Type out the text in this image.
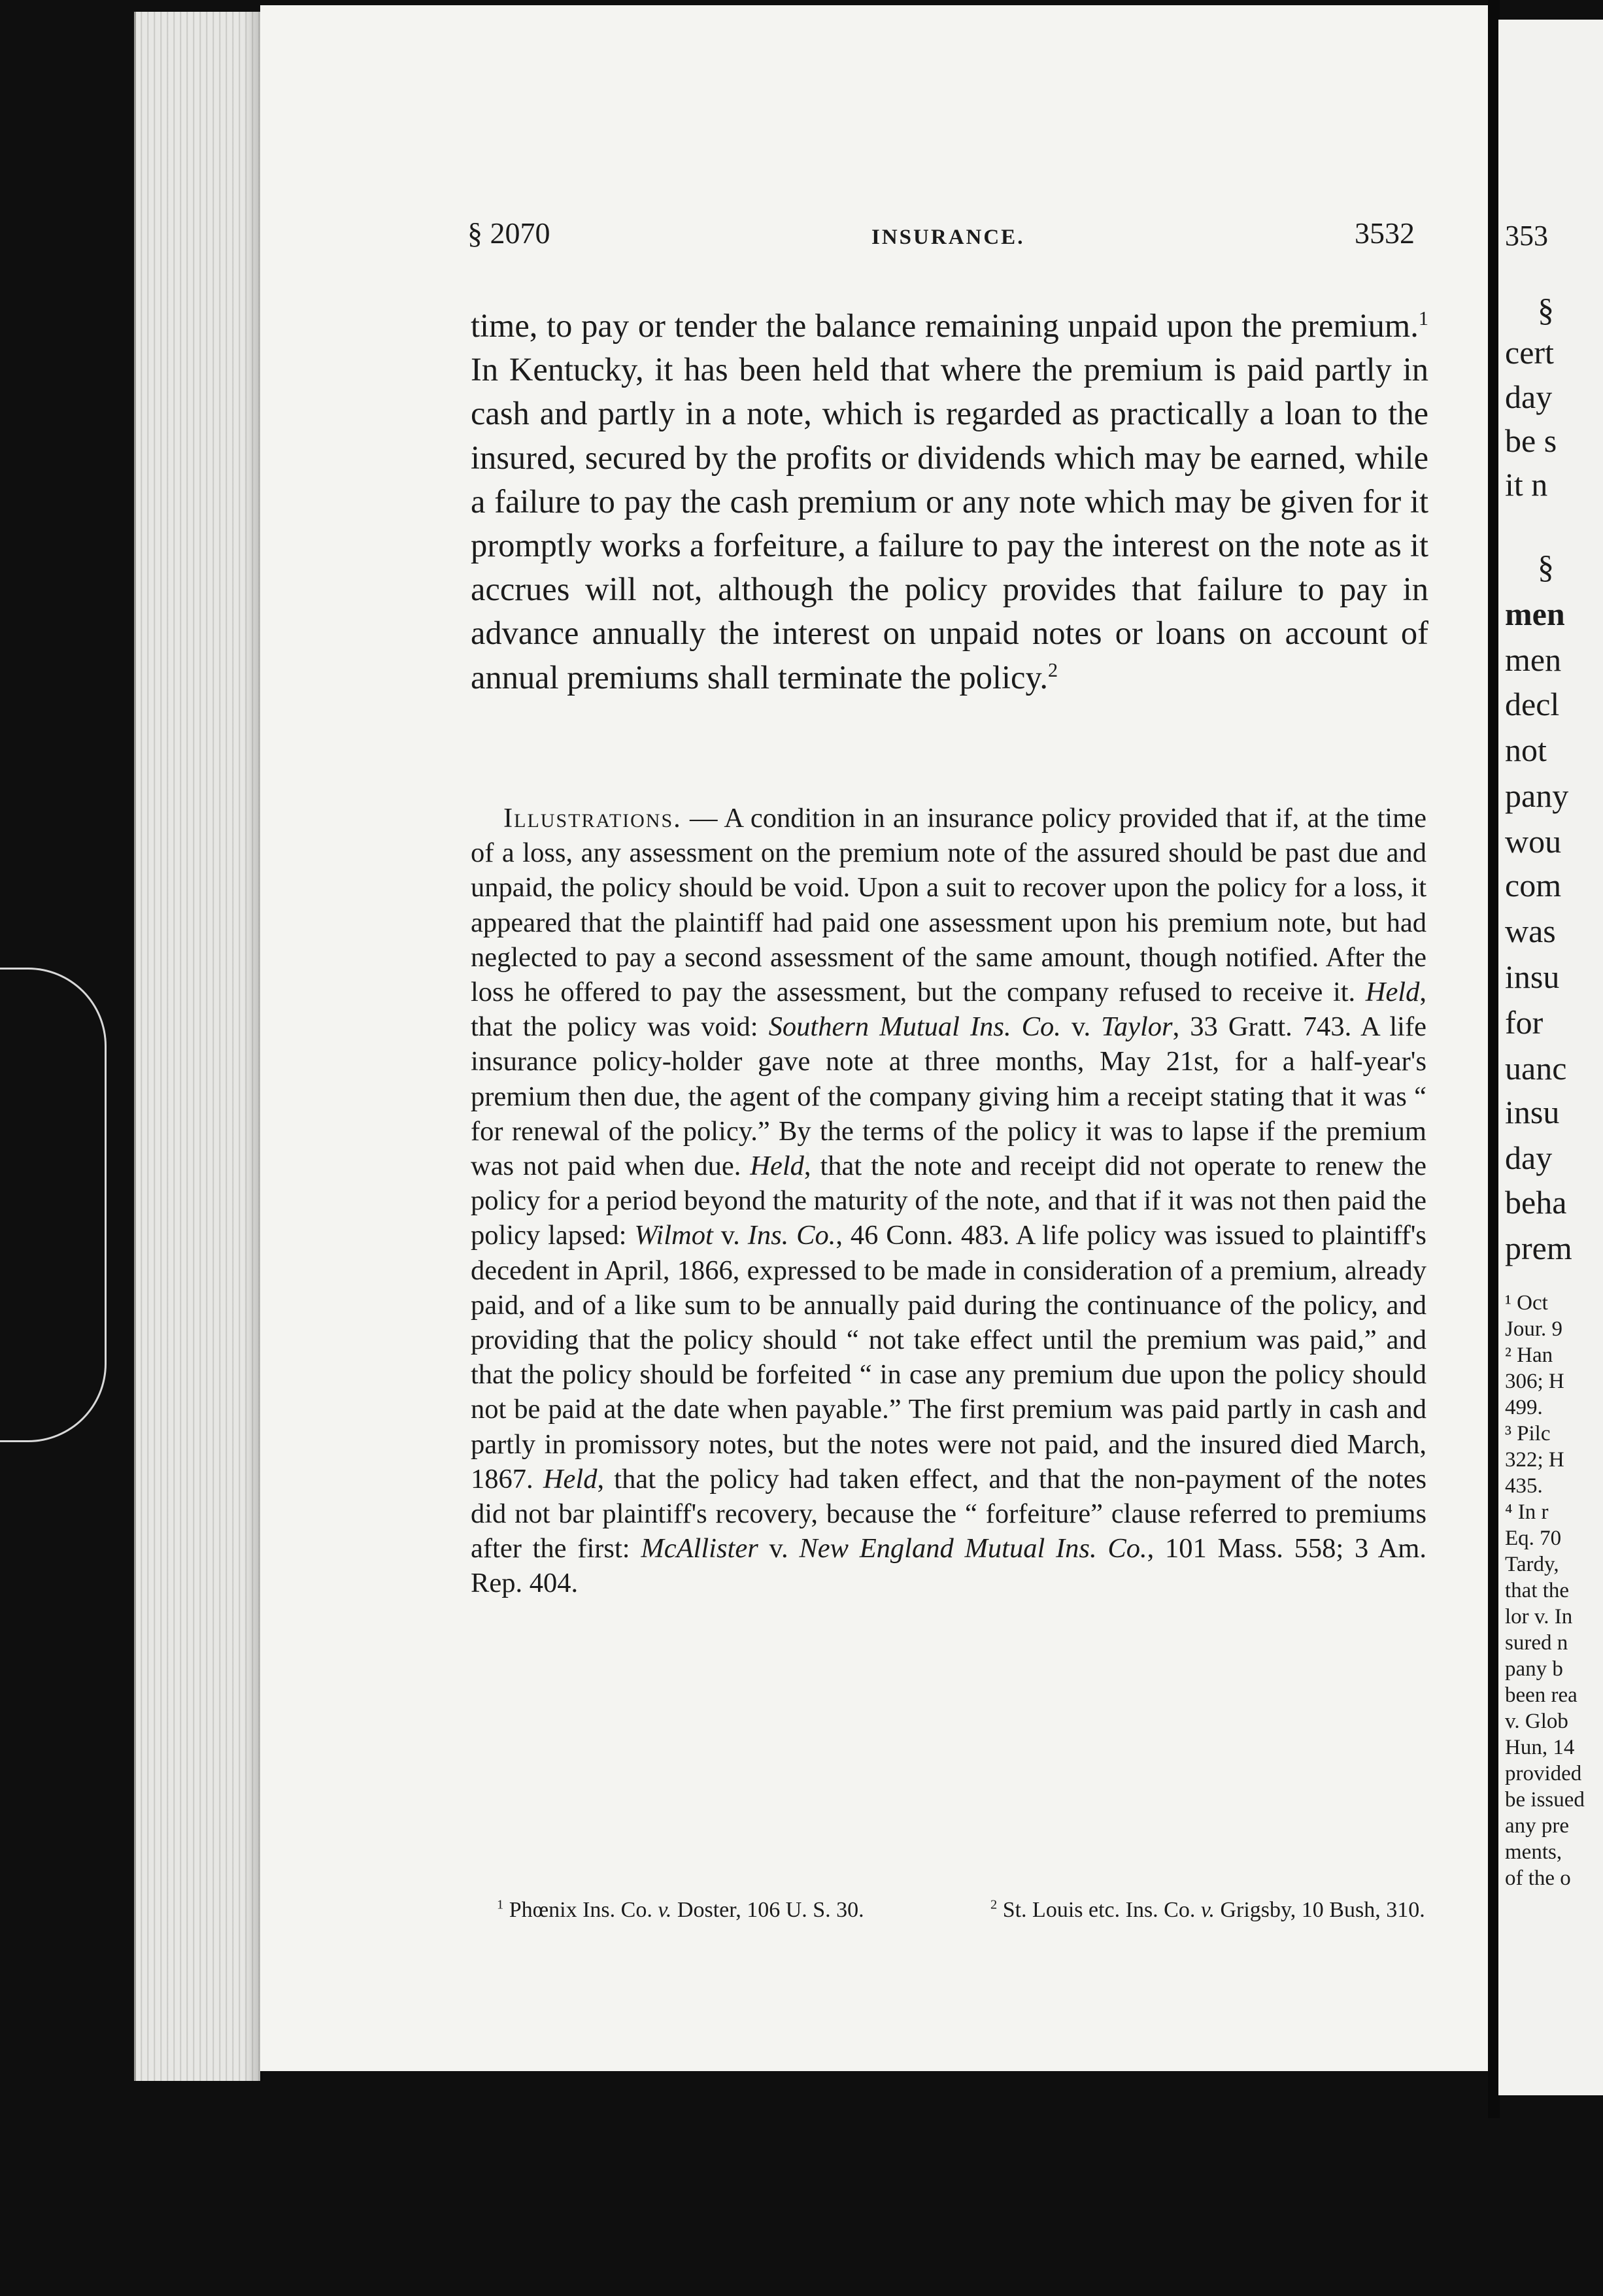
§ 2070	INSURANCE.	3532

time, to pay or tender the balance remaining unpaid upon the premium.$^1$ In Kentucky, it has been held that where the premium is paid partly in cash and partly in a note, which is regarded as practically a loan to the insured, secured by the profits or dividends which may be earned, while a failure to pay the cash premium or any note which may be given for it promptly works a forfeiture, a failure to pay the interest on the note as it accrues will not, although the policy provides that failure to pay in advance annually the interest on unpaid notes or loans on account of annual premiums shall terminate the policy.$^2$

Illustrations. — A condition in an insurance policy provided that if, at the time of a loss, any assessment on the premium note of the assured should be past due and unpaid, the policy should be void. Upon a suit to recover upon the policy for a loss, it appeared that the plaintiff had paid one assessment upon his premium note, but had neglected to pay a second assessment of the same amount, though notified. After the loss he offered to pay the assessment, but the company refused to receive it. Held, that the policy was void: Southern Mutual Ins. Co. v. Taylor, 33 Gratt. 743. A life insurance policy-holder gave note at three months, May 21st, for a half-year's premium then due, the agent of the company giving him a receipt stating that it was “ for renewal of the policy.” By the terms of the policy it was to lapse if the premium was not paid when due. Held, that the note and receipt did not operate to renew the policy for a period beyond the maturity of the note, and that if it was not then paid the policy lapsed: Wilmot v. Ins. Co., 46 Conn. 483. A life policy was issued to plaintiff's decedent in April, 1866, expressed to be made in consideration of a premium, already paid, and of a like sum to be annually paid during the continuance of the policy, and providing that the policy should “ not take effect until the premium was paid,” and that the policy should be forfeited “ in case any premium due upon the policy should not be paid at the date when payable.” The first premium was paid partly in cash and partly in promissory notes, but the notes were not paid, and the insured died March, 1867. Held, that the policy had taken effect, and that the non-payment of the notes did not bar plaintiff's recovery, because the “ forfeiture” clause referred to premiums after the first: McAllister v. New England Mutual Ins. Co., 101 Mass. 558; 3 Am. Rep. 404.

$^1$ Phœnix Ins. Co. v. Doster, 106 U. S. 30.	$^2$ St. Louis etc. Ins. Co. v. Grigsby, 10 Bush, 310.
353
§
cert
day
be s
it n
§
men
men
decl
not
pany
wou
com
was
insu
for
uanc
insu
day
beha
prem
¹ Oct
Jour. 9
² Han
306; H
499.
³ Pilc
322; H
435.
⁴ In r
Eq. 70
Tardy,
that the
lor v. In
sured n
pany b
been rea
v. Glob
Hun, 14
provided
be issued
any pre
ments,
of the o
